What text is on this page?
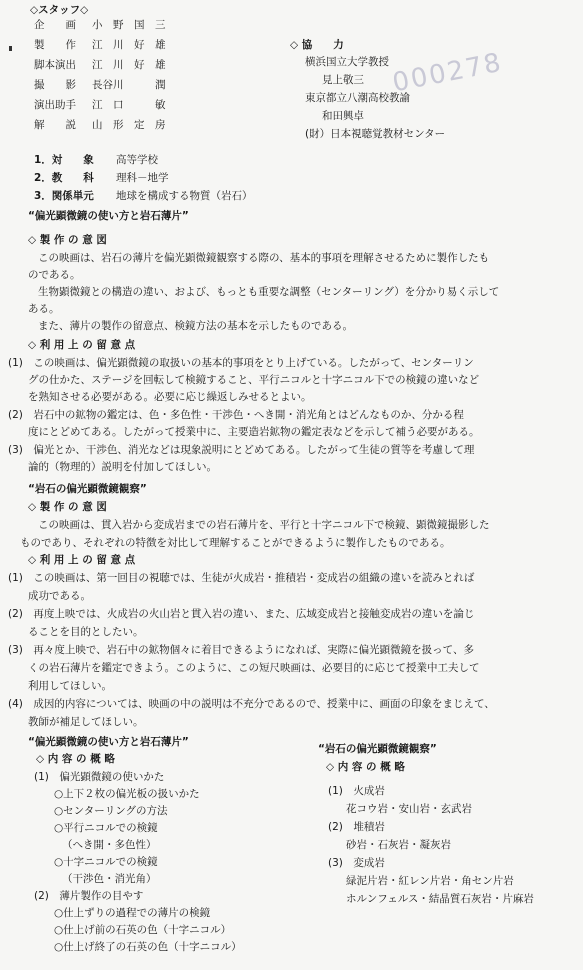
000278
◇スタッフ◇
企　　画 小　野　国　三
製　　作 江　川　好　雄
脚本演出 江　川　好　雄
撮　　影 長谷川　　　潤
演出助手 江　口　　　敏
解　　説 山　形　定　房
◇ 協　　力
横浜国立大学教授
見上敬三
東京都立八潮高校教諭
和田興卓
(財）日本視聴覚教材センター
1．対　　象 高等学校
2．教　　科 理科－地学
3．関係単元 地球を構成する物質（岩石）
“偏光顕微鏡の使い方と岩石薄片”
◇ 製 作 の 意 図
この映画は、岩石の薄片を偏光顕微鏡観察する際の、基本的事項を理解させるために製作したも
のである。
生物顕微鏡との構造の違い、および、もっとも重要な調整（センターリング）を分かり易く示して
ある。
また、薄片の製作の留意点、検鏡方法の基本を示したものである。
◇ 利 用 上 の 留 意 点
(1)　この映画は、偏光顕微鏡の取扱いの基本的事項をとり上げている。したがって、センターリン
グの仕かた、ステージを回転して検鏡すること、平行ニコルと十字ニコル下での検鏡の違いなど
を熟知させる必要がある。必要に応じ繰返しみせるとよい。
(2)　岩石中の鉱物の鑑定は、色・多色性・干渉色・へき開・消光角とはどんなものか、分かる程
度にとどめてある。したがって授業中に、主要造岩鉱物の鑑定表などを示して補う必要がある。
(3)　偏光とか、干渉色、消光などは現象説明にとどめてある。したがって生徒の質等を考慮して理
論的（物理的）説明を付加してほしい。
“岩石の偏光顕微鏡観察”
◇ 製 作 の 意 図
この映画は、貫入岩から変成岩までの岩石薄片を、平行と十字ニコル下で検鏡、顕微鏡撮影した
ものであり、それぞれの特徴を対比して理解することができるように製作したものである。
◇ 利 用 上 の 留 意 点
(1)　この映画は、第一回目の視聴では、生徒が火成岩・推積岩・変成岩の組織の違いを読みとれば
成功である。
(2)　再度上映では、火成岩の火山岩と貫入岩の違い、また、広域変成岩と接触変成岩の違いを論じ
ることを目的としたい。
(3)　再々度上映で、岩石中の鉱物個々に着目できるようになれば、実際に偏光顕微鏡を扱って、多
くの岩石薄片を鑑定できよう。このように、この短尺映画は、必要目的に応じて授業中工夫して
利用してほしい。
(4)　成因的内容については、映画の中の説明は不充分であるので、授業中に、画面の印象をまじえて、
教師が補足してほしい。
“偏光顕微鏡の使い方と岩石薄片”
◇ 内 容 の 概 略
(1)　偏光顕微鏡の使いかた
○上下２枚の偏光板の扱いかた
○センターリングの方法
○平行ニコルでの検鏡
（へき開・多色性）
○十字ニコルでの検鏡
（干渉色・消光角）
(2)　薄片製作の目やす
○仕上ずりの過程での薄片の検鏡
○仕上げ前の石英の色（十字ニコル）
○仕上げ終了の石英の色（十字ニコル）
“岩石の偏光顕微鏡観察”
◇ 内 容 の 概 略
(1)　火成岩
花コウ岩・安山岩・玄武岩
(2)　堆積岩
砂岩・石灰岩・凝灰岩
(3)　変成岩
緑泥片岩・紅レン片岩・角セン片岩
ホルンフェルス・結晶質石灰岩・片麻岩
